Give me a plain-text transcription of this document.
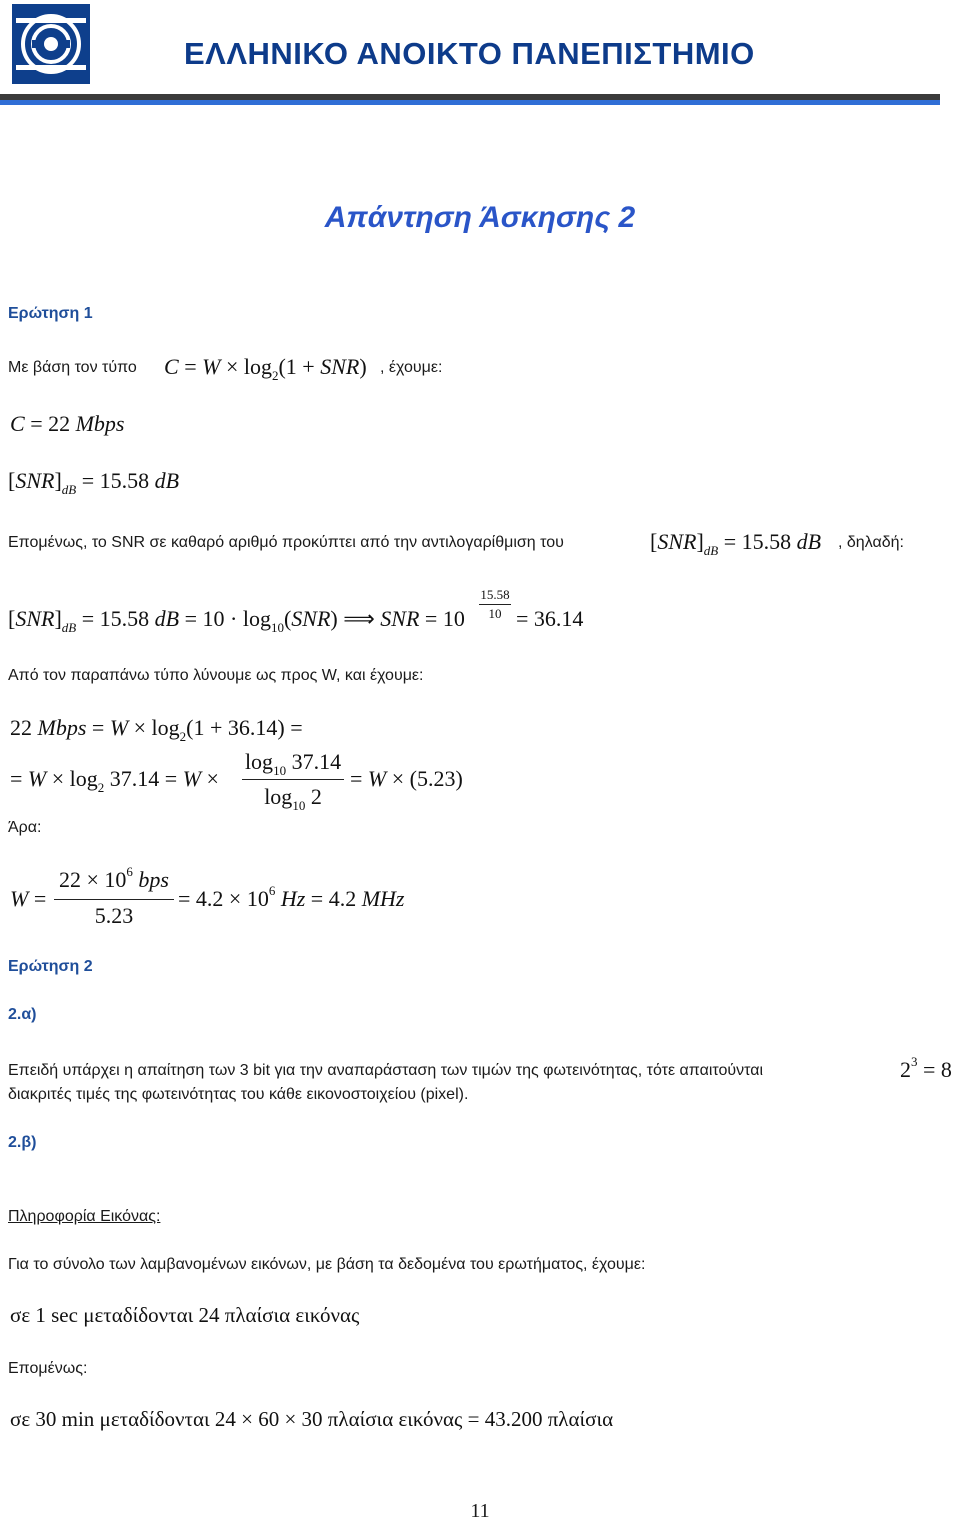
ΕΛΛΗΝΙΚΟ ΑΝΟΙΚΤΟ ΠΑΝΕΠΙΣΤΗΜΙΟ
Απάντηση Άσκησης 2
Ερώτηση 1
Με βάση τον τύπο $C = W \times \log_2(1 + SNR)$ , έχουμε:
C = 22 Mbps
$[SNR]_{dB} = 15.58$ dB
Επομένως, το SNR σε καθαρό αριθμό προκύπτει από την αντιλογαρίθμιση του	$[SNR]_{dB} = 15.58$ dB , δηλαδή:
$[SNR]_{dB} = 15.58$ dB = $10 \cdot \log_{10}(SNR)$ ⟹ SNR = 10
15.58
10 = 36.14
Από τον παραπάνω τύπο λύνουμε ως προς W, και έχουμε:
22 Mbps = $W \times \log_2(1 + 36.14)$ =
= $W \times \log_2 37.14 = W$ ×
$\log_{10} 37.14$
$\log_{10} 2$
= W × (5.23)
Άρα:
W =
$22 \times 10^6$ bps
5.23
= $4.2 \times 10^6$ Hz = 4.2 MHz
Ερώτηση 2
2.α)
Επειδή υπάρχει η απαίτηση των 3 bit για την αναπαράσταση των τιμών της φωτεινότητας, τότε απαιτούνται	$2^3 = 8$
διακριτές τιμές της φωτεινότητας του κάθε εικονοστοιχείου (pixel).
2.β)
Πληροφορία Εικόνας:
Για το σύνολο των λαμβανομένων εικόνων, με βάση τα δεδομένα του ερωτήματος, έχουμε:
σε 1 sec μεταδίδονται 24 πλαίσια εικόνας
Επομένως:
σε 30 min μεταδίδονται 24 × 60 × 30 πλαίσια εικόνας = 43.200 πλαίσια
11
